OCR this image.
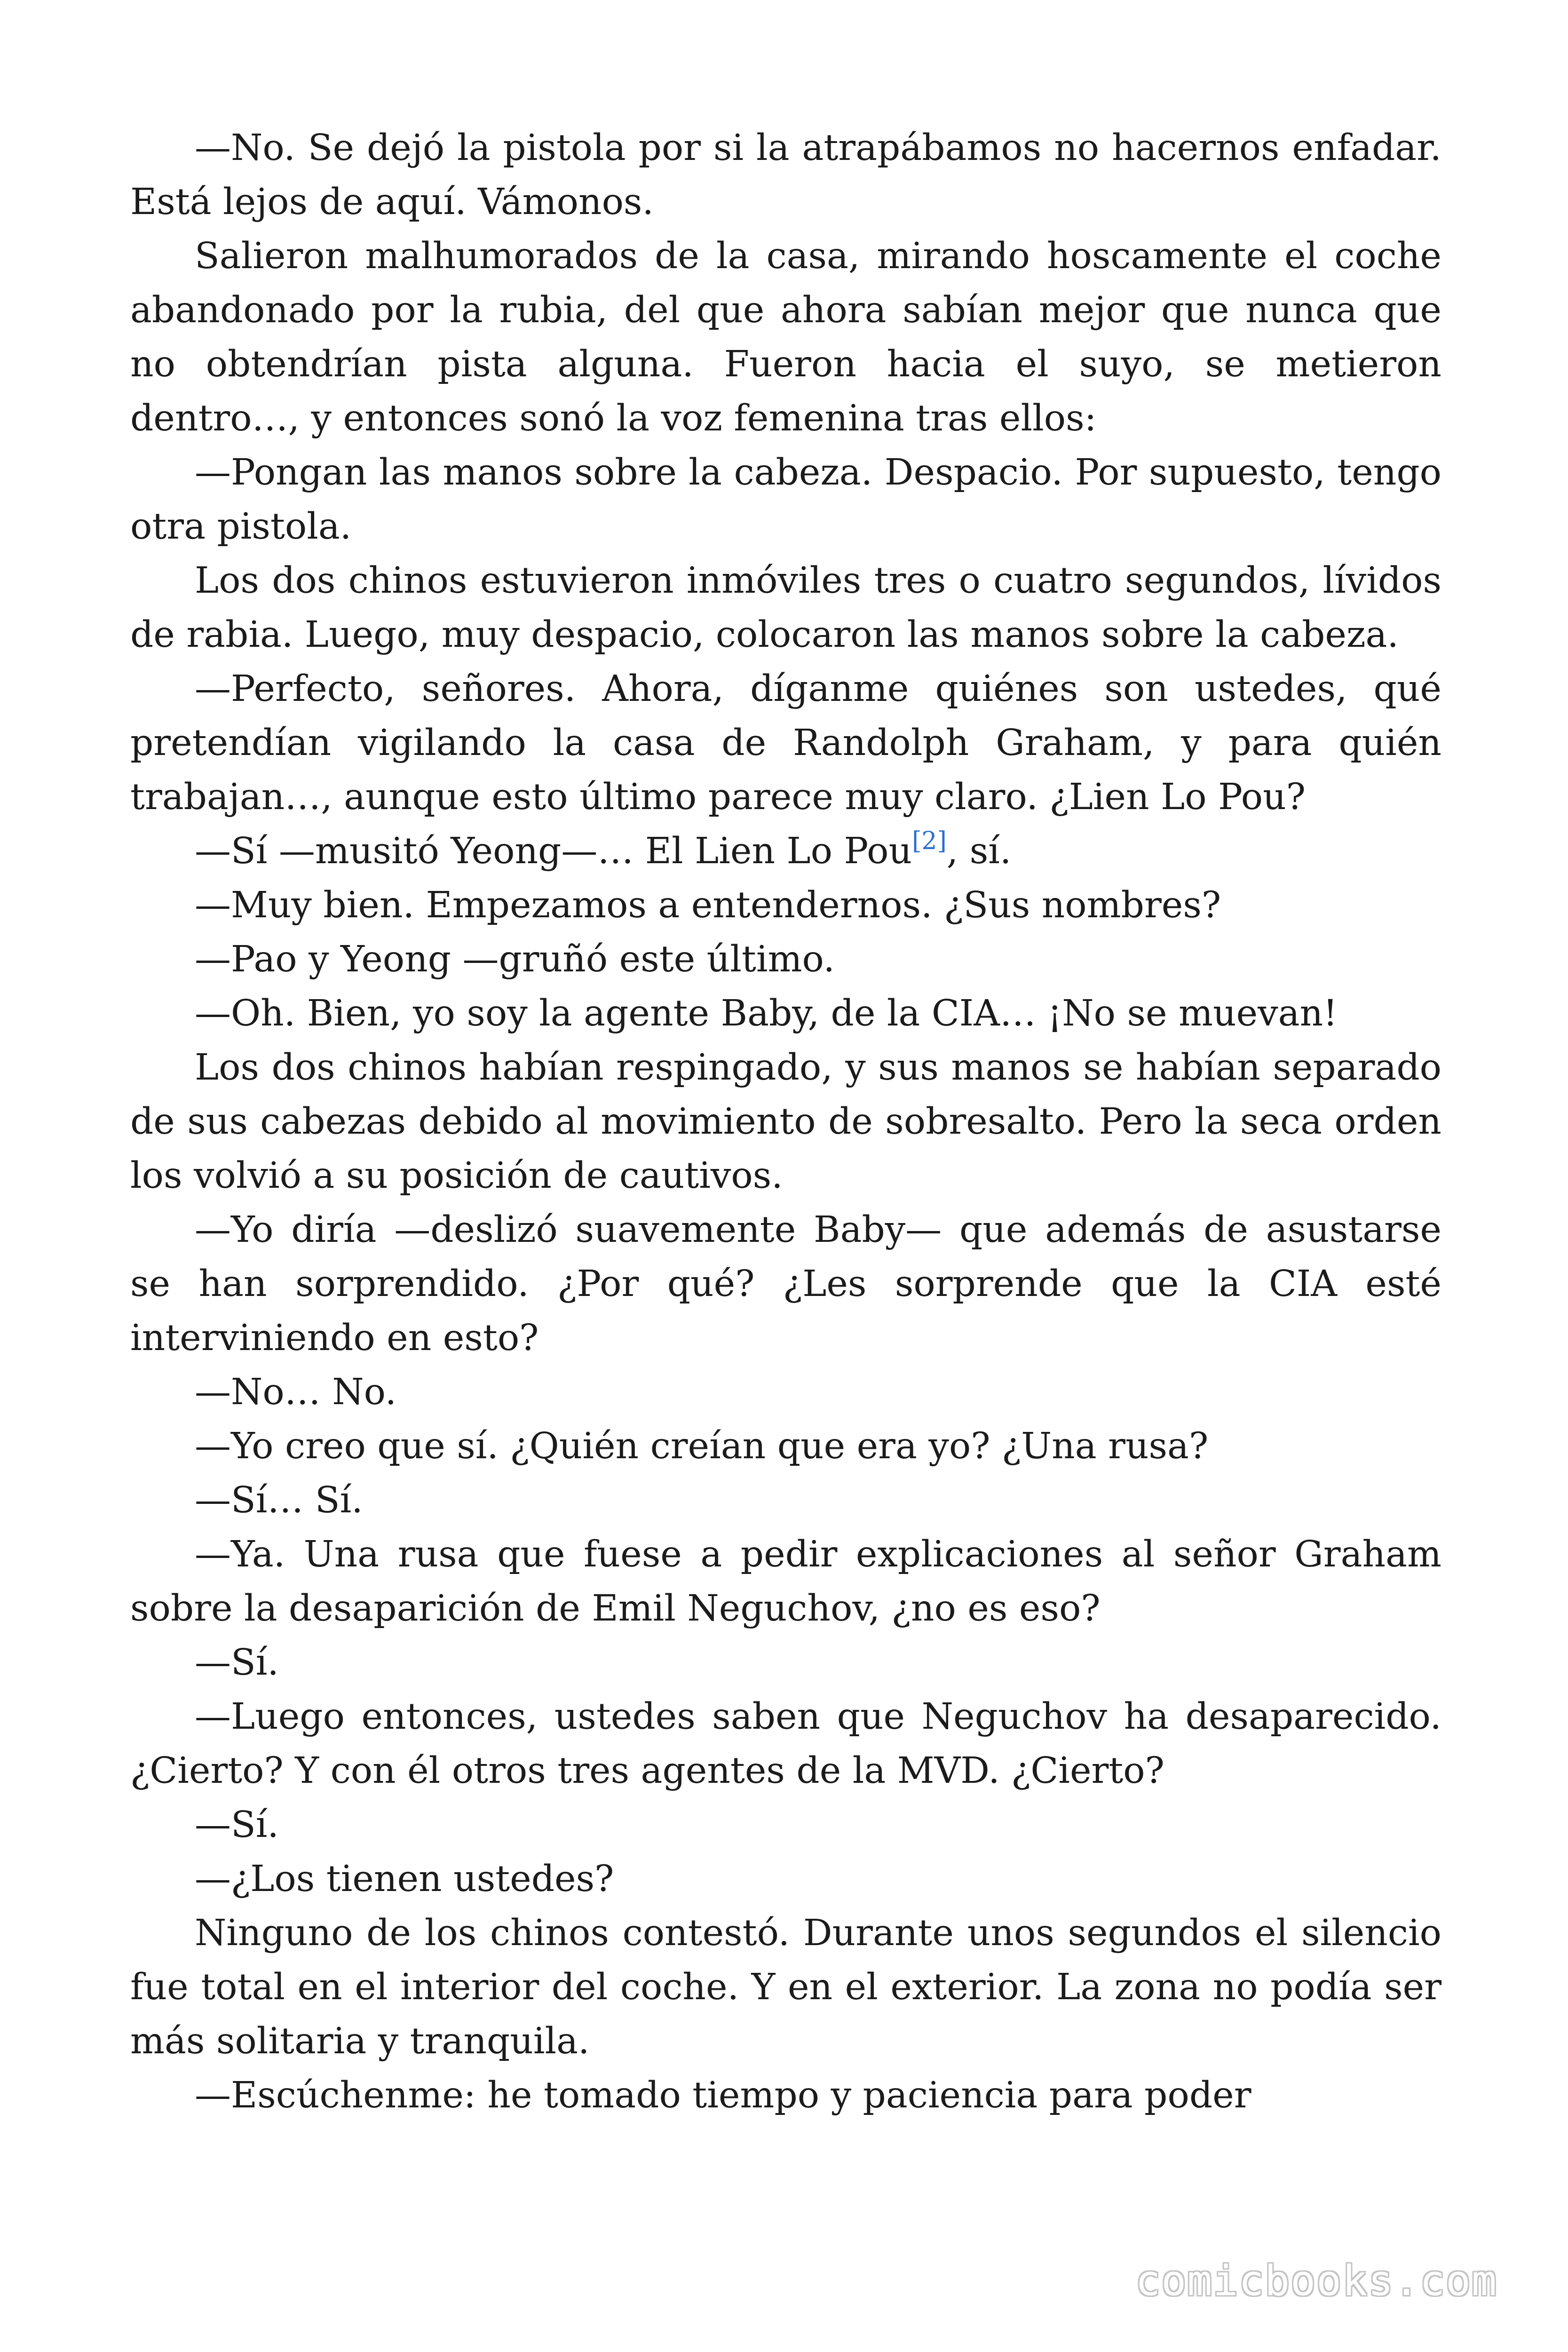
—No. Se dejó la pistola por si la atrapábamos no hacernos enfadar. Está lejos de aquí. Vámonos.

Salieron malhumorados de la casa, mirando hoscamente el coche abandonado por la rubia, del que ahora sabían mejor que nunca que no obtendrían pista alguna. Fueron hacia el suyo, se metieron dentro…, y entonces sonó la voz femenina tras ellos:

—Pongan las manos sobre la cabeza. Despacio. Por supuesto, tengo otra pistola.

Los dos chinos estuvieron inmóviles tres o cuatro segundos, lívidos de rabia. Luego, muy despacio, colocaron las manos sobre la cabeza.

—Perfecto, señores. Ahora, díganme quiénes son ustedes, qué pretendían vigilando la casa de Randolph Graham, y para quién trabajan…, aunque esto último parece muy claro. ¿Lien Lo Pou?

—Sí —musitó Yeong—… El Lien Lo Pou[2], sí.

—Muy bien. Empezamos a entendernos. ¿Sus nombres?

—Pao y Yeong —gruñó este último.

—Oh. Bien, yo soy la agente Baby, de la CIA… ¡No se muevan!

Los dos chinos habían respingado, y sus manos se habían separado de sus cabezas debido al movimiento de sobresalto. Pero la seca orden los volvió a su posición de cautivos.

—Yo diría —deslizó suavemente Baby— que además de asustarse se han sorprendido. ¿Por qué? ¿Les sorprende que la CIA esté interviniendo en esto?

—No… No.

—Yo creo que sí. ¿Quién creían que era yo? ¿Una rusa?

—Sí… Sí.

—Ya. Una rusa que fuese a pedir explicaciones al señor Graham sobre la desaparición de Emil Neguchov, ¿no es eso?

—Sí.

—Luego entonces, ustedes saben que Neguchov ha desaparecido. ¿Cierto? Y con él otros tres agentes de la MVD. ¿Cierto?

—Sí.

—¿Los tienen ustedes?

Ninguno de los chinos contestó. Durante unos segundos el silencio fue total en el interior del coche. Y en el exterior. La zona no podía ser más solitaria y tranquila.

—Escúchenme: he tomado tiempo y paciencia para poder

comicbooks.com
